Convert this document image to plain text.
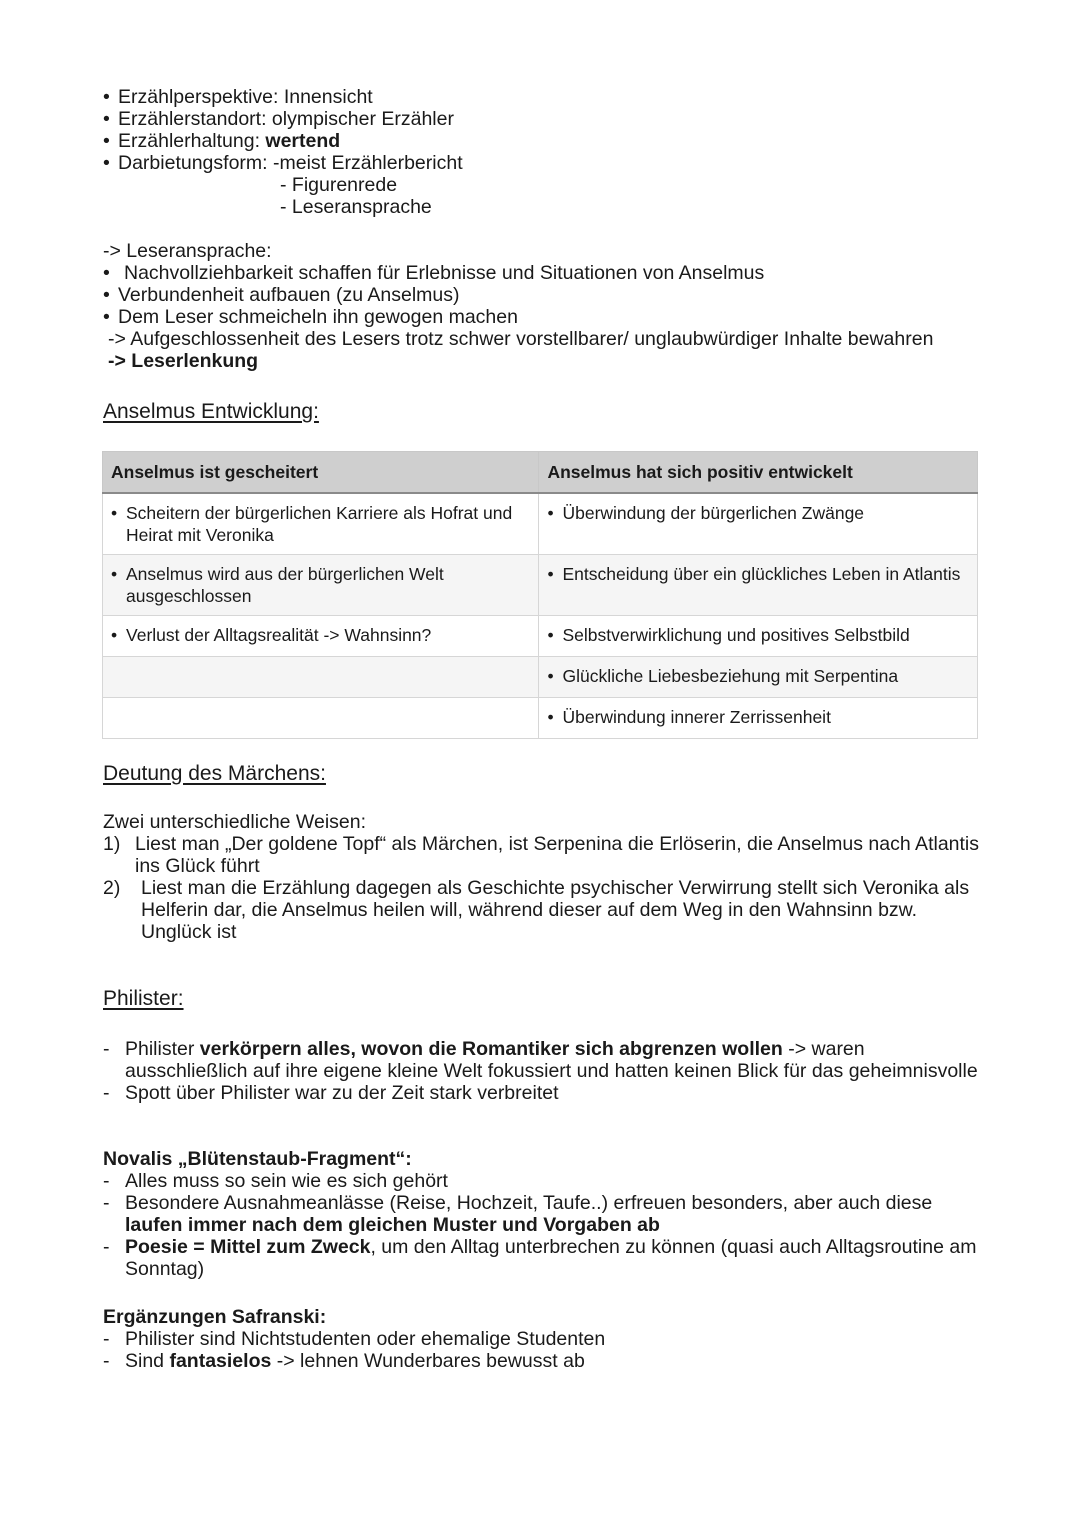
• Erzählperspektive: Innensicht
• Erzählerstandort: olympischer Erzähler
• Erzählerhaltung: wertend
• Darbietungsform: -meist Erzählerbericht
- Figurenrede
- Leseransprache
-> Leseransprache:
• Nachvollziehbarkeit schaffen für Erlebnisse und Situationen von Anselmus
• Verbundenheit aufbauen (zu Anselmus)
• Dem Leser schmeicheln ihn gewogen machen
-> Aufgeschlossenheit des Lesers trotz schwer vorstellbarer/ unglaubwürdiger Inhalte bewahren
-> Leserlenkung
Anselmus Entwicklung:
Anselmus ist gescheitert	Anselmus hat sich positiv entwickelt

• Scheitern der bürgerlichen Karriere als Hofrat und Heirat mit Veronika	• Überwindung der bürgerlichen Zwänge

• Anselmus wird aus der bürgerlichen Welt ausgeschlossen	• Entscheidung über ein glückliches Leben in Atlantis

• Verlust der Alltagsrealität -> Wahnsinn?	• Selbstverwirklichung und positives Selbstbild

	• Glückliche Liebesbeziehung mit Serpentina

	• Überwindung innerer Zerrissenheit
Deutung des Märchens:
Zwei unterschiedliche Weisen:
1) Liest man „Der goldene Topf“ als Märchen, ist Serpenina die Erlöserin, die Anselmus nach Atlantis ins Glück führt
2)	Liest man die Erzählung dagegen als Geschichte psychischer Verwirrung stellt sich Veronika als Helferin dar, die Anselmus heilen will, während dieser auf dem Weg in den Wahnsinn bzw. Unglück ist
Philister:
- Philister verkörpern alles, wovon die Romantiker sich abgrenzen wollen -> waren ausschließlich auf ihre eigene kleine Welt fokussiert und hatten keinen Blick für das geheimnisvolle
- Spott über Philister war zu der Zeit stark verbreitet
Novalis „Blütenstaub-Fragment“:
- Alles muss so sein wie es sich gehört
- Besondere Ausnahmeanlässe (Reise, Hochzeit, Taufe..) erfreuen besonders, aber auch diese laufen immer nach dem gleichen Muster und Vorgaben ab
- Poesie = Mittel zum Zweck, um den Alltag unterbrechen zu können (quasi auch Alltagsroutine am Sonntag)
Ergänzungen Safranski:
- Philister sind Nichtstudenten oder ehemalige Studenten
- Sind fantasielos -> lehnen Wunderbares bewusst ab
